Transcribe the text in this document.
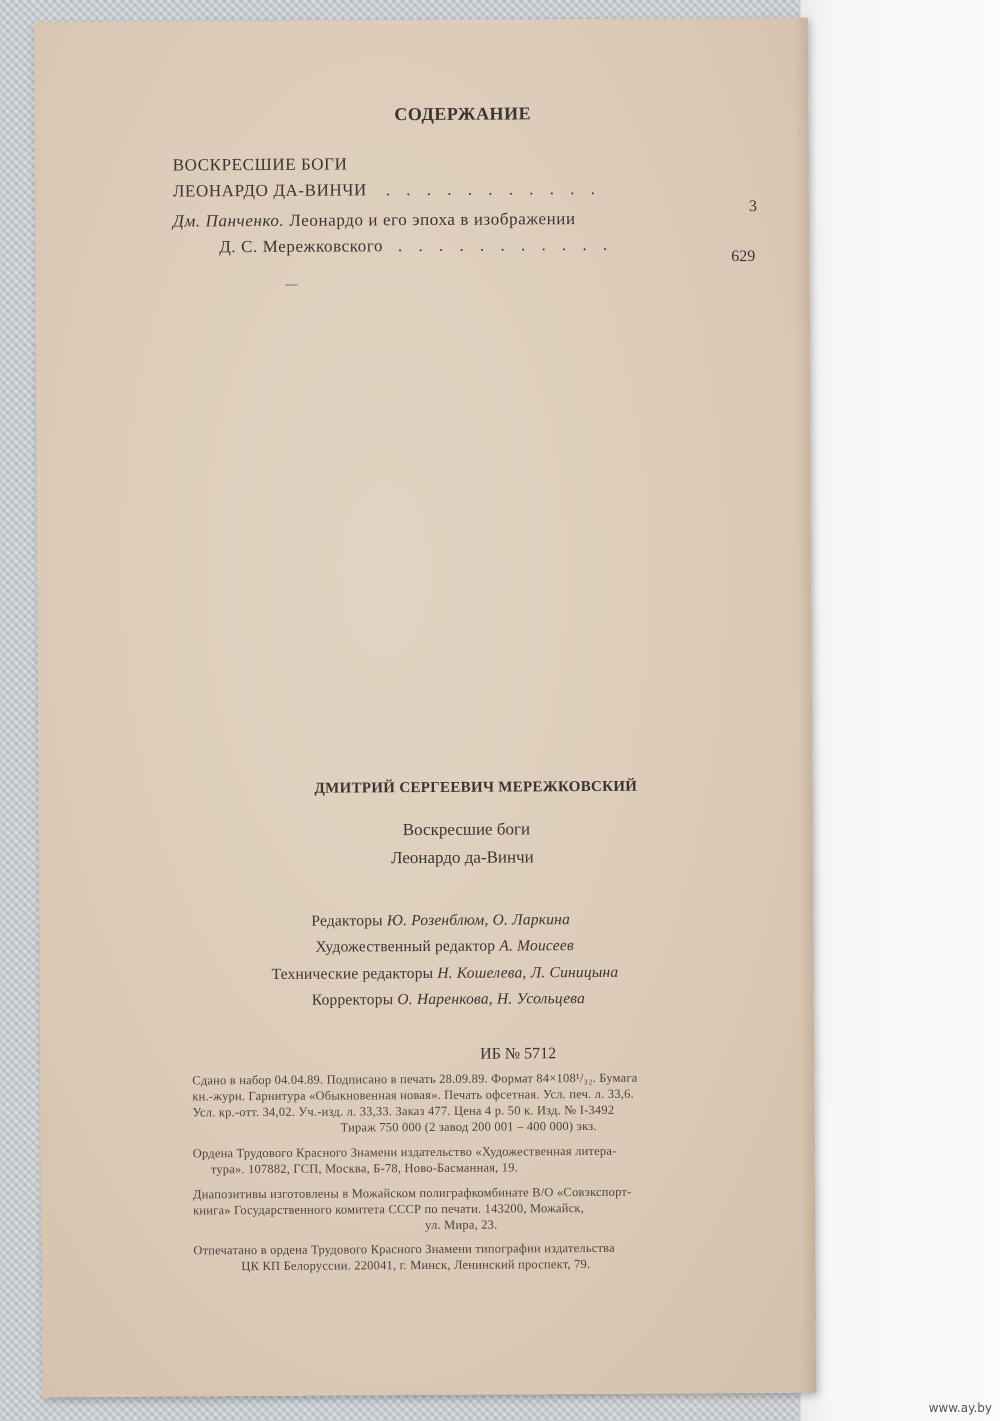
СОДЕРЖАНИЕ
ВОСКРЕСШИЕ БОГИ
ЛЕОНАРДО ДА-ВИНЧИ . . . . . . . . . . .
3
Дм. Панченко. Леонардо и его эпоха в изображении
Д. С. Мережковского . . . . . . . . . . .
629
—
ДМИТРИЙ СЕРГЕЕВИЧ МЕРЕЖКОВСКИЙ
Воскресшие боги
Леонардо да-Винчи
Редакторы Ю. Розенблюм, О. Ларкина
Художественный редактор А. Моисеев
Технические редакторы Н. Кошелева, Л. Синицына
Корректоры О. Наренкова, Н. Усольцева
ИБ № 5712
Сдано в набор 04.04.89. Подписано в печать 28.09.89. Формат 84×108¹/₃₂. Бумага
кн.-журн. Гарнитура «Обыкновенная новая». Печать офсетная. Усл. печ. л. 33,6.
Усл. кр.-отт. 34,02. Уч.-изд. л. 33,33. Заказ 477. Цена 4 р. 50 к. Изд. № I-3492
Тираж 750 000 (2 завод 200 001 – 400 000) экз.
Ордена Трудового Красного Знамени издательство «Художественная литера-
тура». 107882, ГСП, Москва, Б-78, Ново-Басманная, 19.
Диапозитивы изготовлены в Можайском полиграфкомбинате В/О «Совэкспорт-
книга» Государственного комитета СССР по печати. 143200, Можайск,
ул. Мира, 23.
Отпечатано в ордена Трудового Красного Знамени типографии издательства
ЦК КП Белоруссии. 220041, г. Минск, Ленинский проспект, 79.
www.ay.by
